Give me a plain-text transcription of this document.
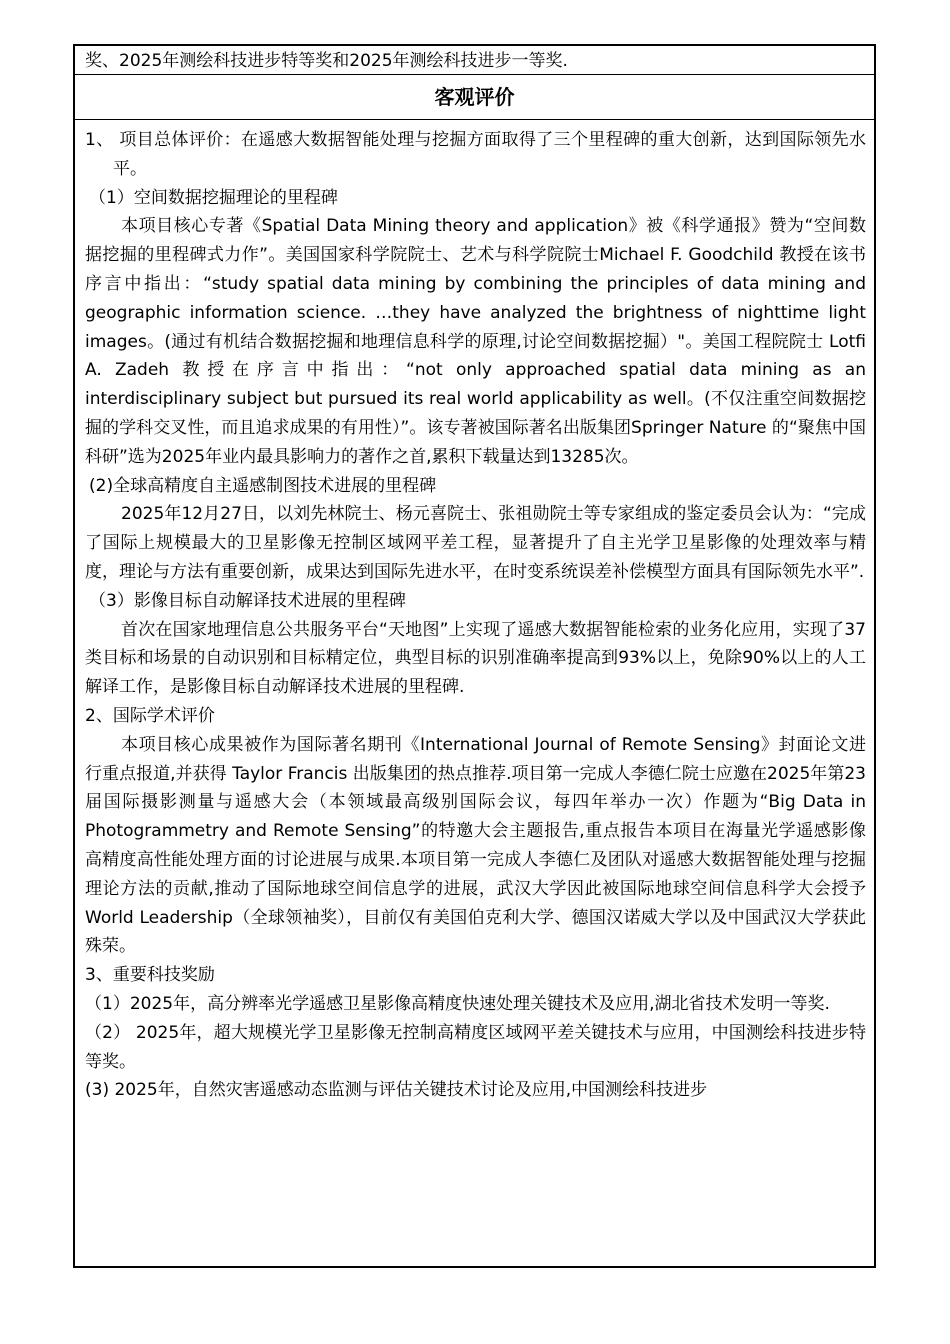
奖、2025年测绘科技进步特等奖和2025年测绘科技进步一等奖.
客观评价

1、 项目总体评价：在遥感大数据智能处理与挖掘方面取得了三个里程碑的重大创新，达到国际领先水平。

（1）空间数据挖掘理论的里程碑

本项目核心专著《Spatial Data Mining theory and application》被《科学通报》赞为“空间数据挖掘的里程碑式力作”。美国国家科学院院士、艺术与科学院院士Michael F. Goodchild 教授在该书序言中指出：“study spatial data mining by combining the principles of data mining and geographic information science. …they have analyzed the brightness of nighttime light images。(通过有机结合数据挖掘和地理信息科学的原理,讨论空间数据挖掘）"。美国工程院院士 Lotfi A. Zadeh 教授在序言中指出：“not only approached spatial data mining as an interdisciplinary subject but pursued its real world applicability as well。(不仅注重空间数据挖掘的学科交叉性，而且追求成果的有用性）”。该专著被国际著名出版集团Springer Nature 的“聚焦中国科研”选为2025年业内最具影响力的著作之首,累积下载量达到13285次。

(2)全球高精度自主遥感制图技术进展的里程碑

2025年12月27日，以刘先林院士、杨元喜院士、张祖勋院士等专家组成的鉴定委员会认为：“完成了国际上规模最大的卫星影像无控制区域网平差工程，显著提升了自主光学卫星影像的处理效率与精度，理论与方法有重要创新，成果达到国际先进水平，在时变系统误差补偿模型方面具有国际领先水平”.

（3）影像目标自动解译技术进展的里程碑

首次在国家地理信息公共服务平台“天地图”上实现了遥感大数据智能检索的业务化应用，实现了37类目标和场景的自动识别和目标精定位，典型目标的识别准确率提高到93%以上，免除90%以上的人工解译工作，是影像目标自动解译技术进展的里程碑.

2、国际学术评价

本项目核心成果被作为国际著名期刊《International Journal of Remote Sensing》封面论文进行重点报道,并获得 Taylor Francis 出版集团的热点推荐.项目第一完成人李德仁院士应邀在2025年第23届国际摄影测量与遥感大会（本领域最高级别国际会议，每四年举办一次）作题为“Big Data in Photogrammetry and Remote Sensing”的特邀大会主题报告,重点报告本项目在海量光学遥感影像高精度高性能处理方面的讨论进展与成果.本项目第一完成人李德仁及团队对遥感大数据智能处理与挖掘理论方法的贡献,推动了国际地球空间信息学的进展，武汉大学因此被国际地球空间信息科学大会授予World Leadership（全球领袖奖），目前仅有美国伯克利大学、德国汉诺威大学以及中国武汉大学获此殊荣。

3、重要科技奖励

（1）2025年，高分辨率光学遥感卫星影像高精度快速处理关键技术及应用,湖北省技术发明一等奖.

（2） 2025年，超大规模光学卫星影像无控制高精度区域网平差关键技术与应用，中国测绘科技进步特等奖。

(3) 2025年，自然灾害遥感动态监测与评估关键技术讨论及应用,中国测绘科技进步
